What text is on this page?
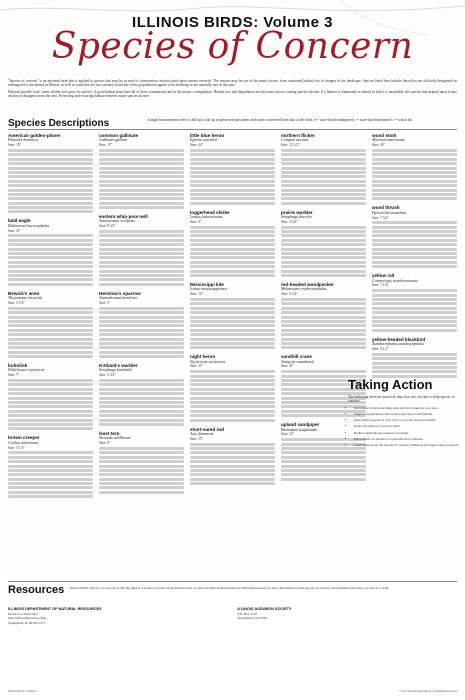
ILLINOIS BIRDS: Volume 3
Species of Concern

"Species of concern" is an informal term that is applied to species that may be in need of conservation actions based upon current research. The reasons may be one of the many factors, from continued habitat loss to changes in the landscape. Species listed here include those that are officially designated as endangered or threatened in Illinois, as well as some that are not currently listed but whose populations appear to be declining or are naturally rare in the state.

Habitats provide food, water, shelter and space for species. A good habitat must have all of these components and in the proper configuration. Habitat loss and degradation are the main factors causing species decline. If a habitat is eliminated or altered so that it is unsuitable, the species that depend upon it may decline or disappear from the area. Protecting and restoring habitats benefits many species at once.

Species Descriptions	Length measurement refers to bill tip to tail tip in preserved specimens and values converted from that of the birds. ● = state-listed endangered ◐ = state-listed threatened ○ = watch list
American golden-plover
Pluvialis dominica
Size: 10"
bald eagle
Haliaeetus leucocephalus
Size: 31"
Bewick's wren
Thryomanes bewickii
Size: 5 1/4"
bobolink
Dolichonyx oryzivorus
Size: 7"
brown creeper
Certhia americana
Size: 5 1/4"
common gallinule
Gallinula galeata
Size: 13"
eastern whip-poor-will
Antrostomus vociferus
Size: 9 3/4"
Henslow's sparrow
Ammodramus henslowii
Size: 5"
Kirtland's warbler
Setophaga kirtlandii
Size: 5 3/4"
least tern
Sternula antillarum
Size: 9"
little blue heron
Egretta caerulea
Size: 24"
loggerhead shrike
Lanius ludovicianus
Size: 9"
Mississippi kite
Ictinia mississippiensis
Size: 14"
night heron
Nycticorax nycticorax
Size: 25"
short-eared owl
Asio flammeus
Size: 15"
northern flicker
Colaptes auratus
Size: 12 1/2"
prairie warbler
Setophaga discolor
Size: 4 3/4"
red-headed woodpecker
Melanerpes erythrocephalus
Size: 9 1/4"
sandhill crane
Antigone canadensis
Size: 41"
upland sandpiper
Bartramia longicauda
Size: 12"
wood stork
Mycteria americana
Size: 40"
wood thrush
Hylocichla mustelina
Size: 7 3/4"
yellow rail
Coturnicops noveboracensis
Size: 7 1/4"
yellow-headed blackbird
Xanthocephalus xanthocephalus
Size: 9 1/2"
Taking Action
The following ideas are practical steps that you can take to help species of concern.
• Participate in bird-watching trips and bird counts in your area.
• Support organizations that protect and restore bird habitat.
• Plant native species in your yard to provide food and shelter.
• Keep cats indoors to protect birds.
• Reduce pesticide use around your home.
• Place decals on windows to prevent bird collisions.
• Learn more about the species of concern in Illinois and share what you know.
Resources Illinois Birds: Species of Concern Is this the third in a series of posters about Illinois birds. Contact the Illinois Department of Natural Resources for more information about species of concern, their habitats and what you can do to help.
ILLINOIS DEPARTMENT OF NATURAL RESOURCES
Division of Education
One Natural Resources Way
Springfield, IL 62702-1271
ILLINOIS AUDUBON SOCIETY
P.O. Box 2547
Springfield, IL 62708
Illinois Birds: Volume 3	© 2017 Illinois Department of Natural Resources
